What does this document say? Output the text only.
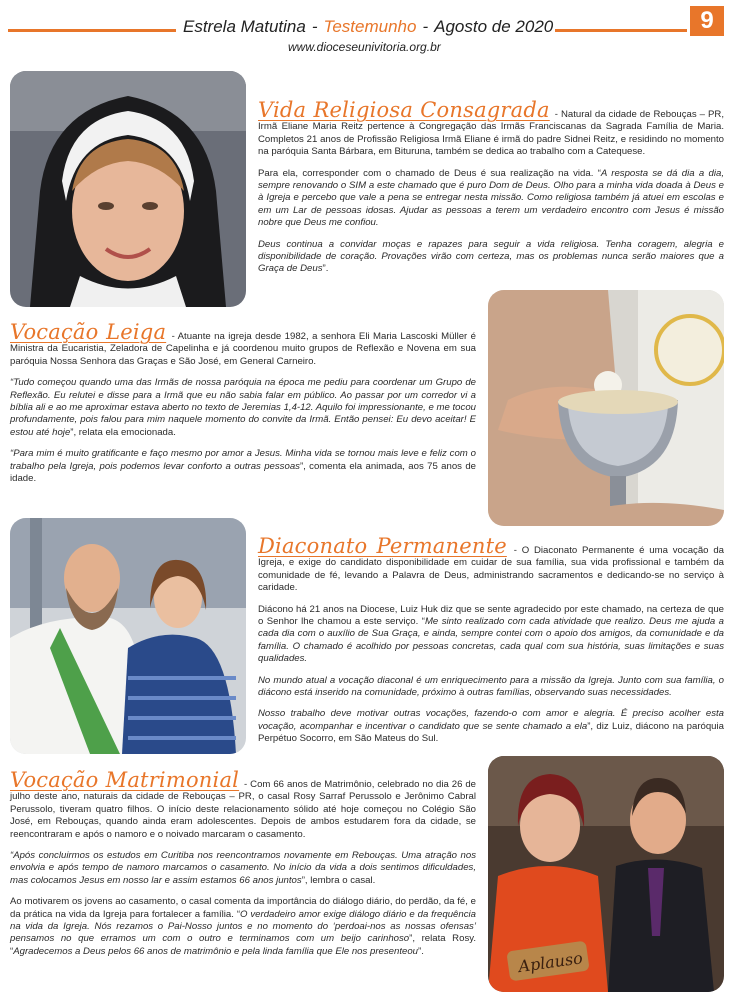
Estrela Matutina - Testemunho - Agosto de 2020	9
www.dioceseunivitoria.org.br

Vida Religiosa Consagrada - Natural da cidade de Rebouças – PR, Irmã Eliane Maria Reitz pertence à Congregação das Irmãs Franciscanas da Sagrada Família de Maria. Completos 21 anos de Profissão Religiosa Irmã Eliane é irmã do padre Sidnei Reitz, e residindo no momento na paróquia Santa Bárbara, em Bituruna, também se dedica ao trabalho com a Catequese.

Para ela, corresponder com o chamado de Deus é sua realização na vida. “A resposta se dá dia a dia, sempre renovando o SIM a este chamado que é puro Dom de Deus. Olho para a minha vida doada à Deus e à Igreja e percebo que vale a pena se entregar nesta missão. Como religiosa também já atuei em escolas e em um Lar de pessoas idosas. Ajudar as pessoas a terem um verdadeiro encontro com Jesus é missão nobre que Deus me confiou.

Deus continua a convidar moças e rapazes para seguir a vida religiosa. Tenha coragem, alegria e disponibilidade de coração. Provações virão com certeza, mas os problemas nunca serão maiores que a Graça de Deus”.

Vocação Leiga - Atuante na igreja desde 1982, a senhora Eli Maria Lascoski Müller é Ministra da Eucaristia, Zeladora de Capelinha e já coordenou muito grupos de Reflexão e Novena em sua paróquia Nossa Senhora das Graças e São José, em General Carneiro.

“Tudo começou quando uma das Irmãs de nossa paróquia na época me pediu para coordenar um Grupo de Reflexão. Eu relutei e disse para a Irmã que eu não sabia falar em público. Ao passar por um corredor vi a bíblia ali e ao me aproximar estava aberto no texto de Jeremias 1,4-12. Aquilo foi impressionante, e me tocou profundamente, pois falou para mim naquele momento do convite da Irmã. Então pensei: Eu devo aceitar! E estou até hoje”, relata ela emocionada.

“Para mim é muito gratificante e faço mesmo por amor a Jesus. Minha vida se tornou mais leve e feliz com o trabalho pela Igreja, pois podemos levar conforto a outras pessoas”, comenta ela animada, aos 75 anos de idade.

Diaconato Permanente - O Diaconato Permanente é uma vocação da Igreja, e exige do candidato disponibilidade em cuidar de sua família, sua vida profissional e também da comunidade de fé, levando a Palavra de Deus, administrando sacramentos e dedicando-se no serviço à caridade.

Diácono há 21 anos na Diocese, Luiz Huk diz que se sente agradecido por este chamado, na certeza de que o Senhor lhe chamou a este serviço. “Me sinto realizado com cada atividade que realizo. Deus me ajuda a cada dia com o auxílio de Sua Graça, e ainda, sempre contei com o apoio dos amigos, da comunidade e da família. O chamado é acolhido por pessoas concretas, cada qual com sua história, suas limitações e suas qualidades.

No mundo atual a vocação diaconal é um enriquecimento para a missão da Igreja. Junto com sua família, o diácono está inserido na comunidade, próximo à outras famílias, observando suas necessidades.

Nosso trabalho deve motivar outras vocações, fazendo-o com amor e alegria. É preciso acolher esta vocação, acompanhar e incentivar o candidato que se sente chamado a ela”, diz Luiz, diácono na paróquia Perpétuo Socorro, em São Mateus do Sul.

Aplauso

Vocação Matrimonial - Com 66 anos de Matrimônio, celebrado no dia 26 de julho deste ano, naturais da cidade de Rebouças – PR, o casal Rosy Sarraf Perussolo e Jerônimo Cabral Perussolo, tiveram quatro filhos. O início deste relacionamento sólido até hoje começou no Colégio São José, em Rebouças, quando ainda eram adolescentes. Depois de ambos estudarem fora da cidade, se reencontraram e após o namoro e o noivado marcaram o casamento.

“Após concluirmos os estudos em Curitiba nos reencontramos novamente em Rebouças. Uma atração nos envolvia e após tempo de namoro marcamos o casamento. No início da vida a dois sentimos dificuldades, mas colocamos Jesus em nosso lar e assim estamos 66 anos juntos”, lembra o casal.

Ao motivarem os jovens ao casamento, o casal comenta da importância do diálogo diário, do perdão, da fé, e da prática na vida da Igreja para fortalecer a família. “O verdadeiro amor exige diálogo diário e da frequência na vida da Igreja. Nós rezamos o Pai-Nosso juntos e no momento do ‘perdoai-nos as nossas ofensas’ pensamos no que erramos um com o outro e terminamos com um beijo carinhoso”, relata Rosy. “Agradecemos a Deus pelos 66 anos de matrimônio e pela linda família que Ele nos presenteou”.
